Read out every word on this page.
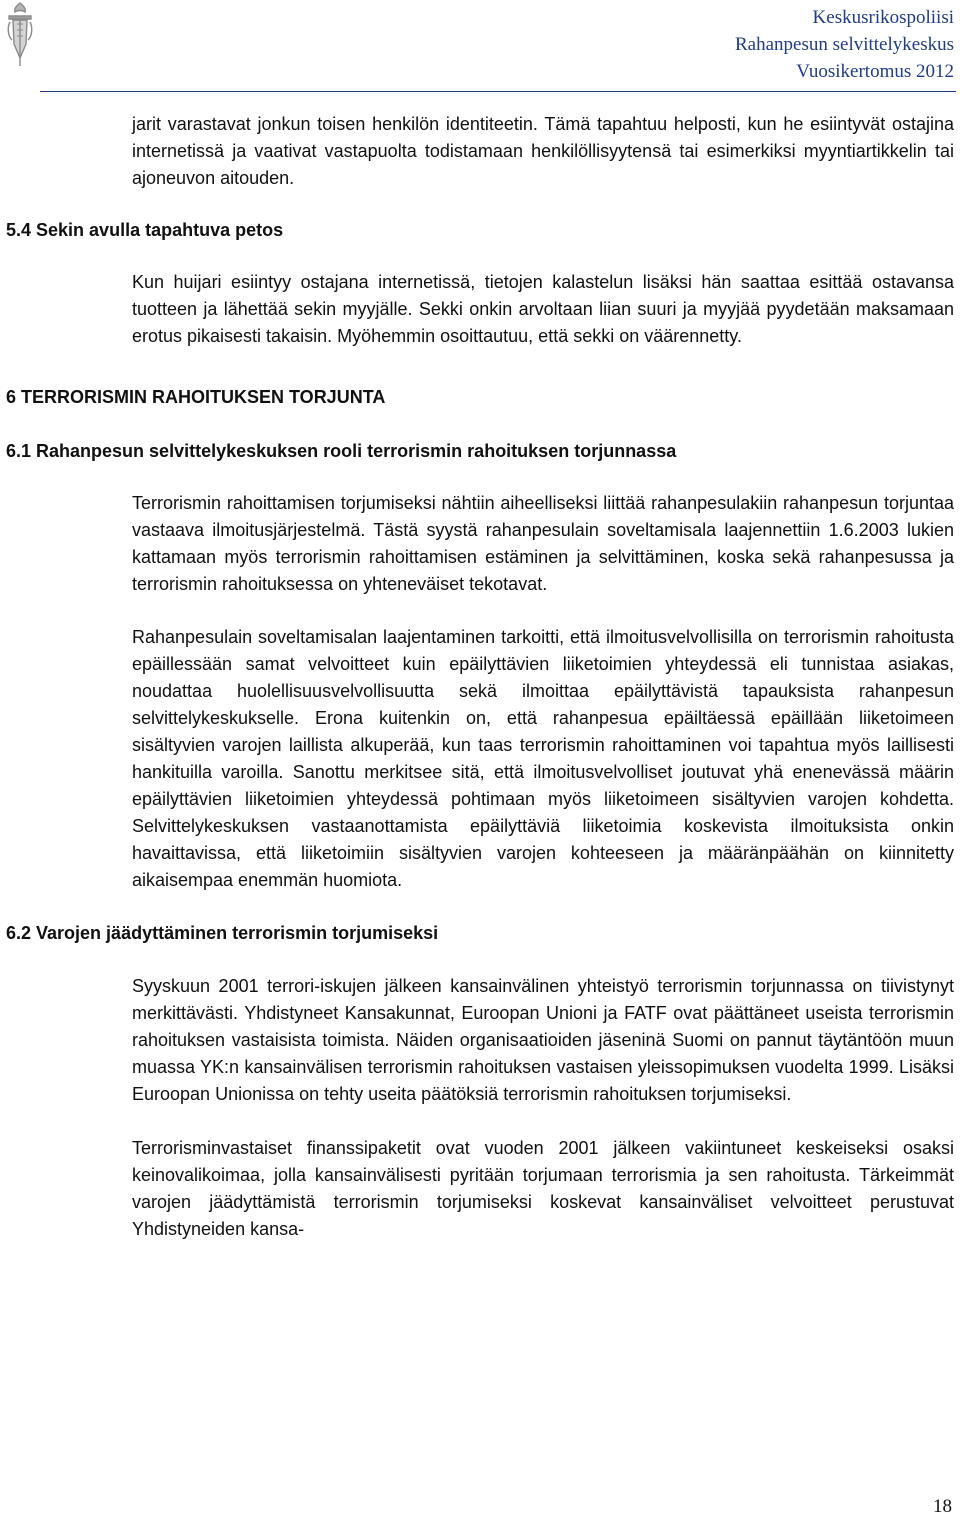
Keskusrikospoliisi
Rahanpesun selvittelykeskus
Vuosikertomus 2012

jarit varastavat jonkun toisen henkilön identiteetin. Tämä tapahtuu helposti, kun he esiintyvät ostajina internetissä ja vaativat vastapuolta todistamaan henkilöllisyytensä tai esimerkiksi myyntiartikkelin tai ajoneuvon aitouden.

5.4 Sekin avulla tapahtuva petos

Kun huijari esiintyy ostajana internetissä, tietojen kalastelun lisäksi hän saattaa esittää ostavansa tuotteen ja lähettää sekin myyjälle. Sekki onkin arvoltaan liian suuri ja myyjää pyydetään maksamaan erotus pikaisesti takaisin. Myöhemmin osoittautuu, että sekki on väärennetty.

6 TERRORISMIN RAHOITUKSEN TORJUNTA
6.1 Rahanpesun selvittelykeskuksen rooli terrorismin rahoituksen torjunnassa

Terrorismin rahoittamisen torjumiseksi nähtiin aiheelliseksi liittää rahanpesulakiin rahanpesun torjuntaa vastaava ilmoitusjärjestelmä. Tästä syystä rahanpesulain soveltamisala laajennettiin 1.6.2003 lukien kattamaan myös terrorismin rahoittamisen estäminen ja selvittäminen, koska sekä rahanpesussa ja terrorismin rahoituksessa on yhteneväiset tekotavat.

Rahanpesulain soveltamisalan laajentaminen tarkoitti, että ilmoitusvelvollisilla on terrorismin rahoitusta epäillessään samat velvoitteet kuin epäilyttävien liiketoimien yhteydessä eli tunnistaa asiakas, noudattaa huolellisuusvelvollisuutta sekä ilmoittaa epäilyttävistä tapauksista rahanpesun selvittelykeskukselle. Erona kuitenkin on, että rahanpesua epäiltäessä epäillään liiketoimeen sisältyvien varojen laillista alkuperää, kun taas terrorismin rahoittaminen voi tapahtua myös laillisesti hankituilla varoilla. Sanottu merkitsee sitä, että ilmoitusvelvolliset joutuvat yhä enenevässä määrin epäilyttävien liiketoimien yhteydessä pohtimaan myös liiketoimeen sisältyvien varojen kohdetta. Selvittelykeskuksen vastaanottamista epäilyttäviä liiketoimia koskevista ilmoituksista onkin havaittavissa, että liiketoimiin sisältyvien varojen kohteeseen ja määränpäähän on kiinnitetty aikaisempaa enemmän huomiota.

6.2 Varojen jäädyttäminen terrorismin torjumiseksi

Syyskuun 2001 terrori-iskujen jälkeen kansainvälinen yhteistyö terrorismin torjunnassa on tiivistynyt merkittävästi. Yhdistyneet Kansakunnat, Euroopan Unioni ja FATF ovat päättäneet useista terrorismin rahoituksen vastaisista toimista. Näiden organisaatioiden jäseninä Suomi on pannut täytäntöön muun muassa YK:n kansainvälisen terrorismin rahoituksen vastaisen yleissopimuksen vuodelta 1999. Lisäksi Euroopan Unionissa on tehty useita päätöksiä terrorismin rahoituksen torjumiseksi.

Terrorisminvastaiset finanssipaketit ovat vuoden 2001 jälkeen vakiintuneet keskeiseksi osaksi keinovalikoimaa, jolla kansainvälisesti pyritään torjumaan terrorismia ja sen rahoitusta. Tärkeimmät varojen jäädyttämistä terrorismin torjumiseksi koskevat kansainväliset velvoitteet perustuvat Yhdistyneiden kansa-

18
